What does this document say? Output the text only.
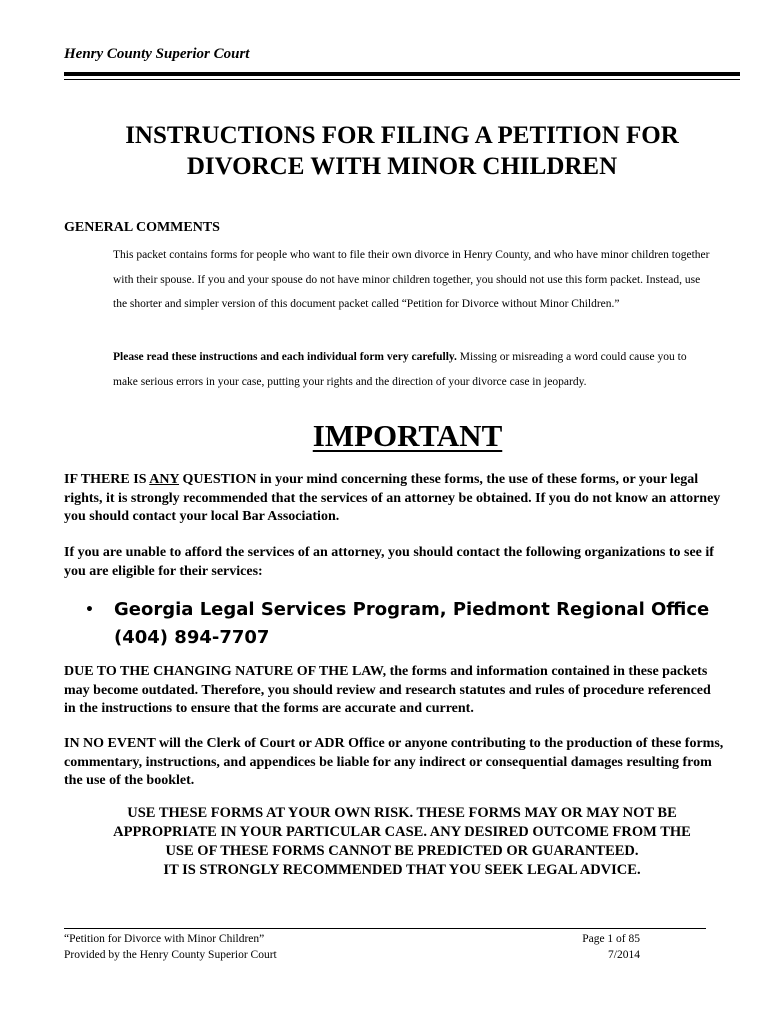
Henry County Superior Court
INSTRUCTIONS FOR FILING A PETITION FOR
DIVORCE WITH MINOR CHILDREN
GENERAL COMMENTS
This packet contains forms for people who want to file their own divorce in Henry County, and who have minor children together with their spouse. If you and your spouse do not have minor children together, you should not use this form packet. Instead, use the shorter and simpler version of this document packet called “Petition for Divorce without Minor Children.”
Please read these instructions and each individual form very carefully. Missing or misreading a word could cause you to make serious errors in your case, putting your rights and the direction of your divorce case in jeopardy.
IMPORTANT
IF THERE IS ANY QUESTION in your mind concerning these forms, the use of these forms, or your legal rights, it is strongly recommended that the services of an attorney be obtained. If you do not know an attorney you should contact your local Bar Association.
If you are unable to afford the services of an attorney, you should contact the following organizations to see if you are eligible for their services:
• Georgia Legal Services Program, Piedmont Regional Office
(404) 894-7707
DUE TO THE CHANGING NATURE OF THE LAW, the forms and information contained in these packets may become outdated. Therefore, you should review and research statutes and rules of procedure referenced in the instructions to ensure that the forms are accurate and current.
IN NO EVENT will the Clerk of Court or ADR Office or anyone contributing to the production of these forms, commentary, instructions, and appendices be liable for any indirect or consequential damages resulting from the use of the booklet.
USE THESE FORMS AT YOUR OWN RISK. THESE FORMS MAY OR MAY NOT BE
APPROPRIATE IN YOUR PARTICULAR CASE. ANY DESIRED OUTCOME FROM THE
USE OF THESE FORMS CANNOT BE PREDICTED OR GUARANTEED.
IT IS STRONGLY RECOMMENDED THAT YOU SEEK LEGAL ADVICE.
“Petition for Divorce with Minor Children”
Provided by the Henry County Superior Court
Page 1 of 85
7/2014
